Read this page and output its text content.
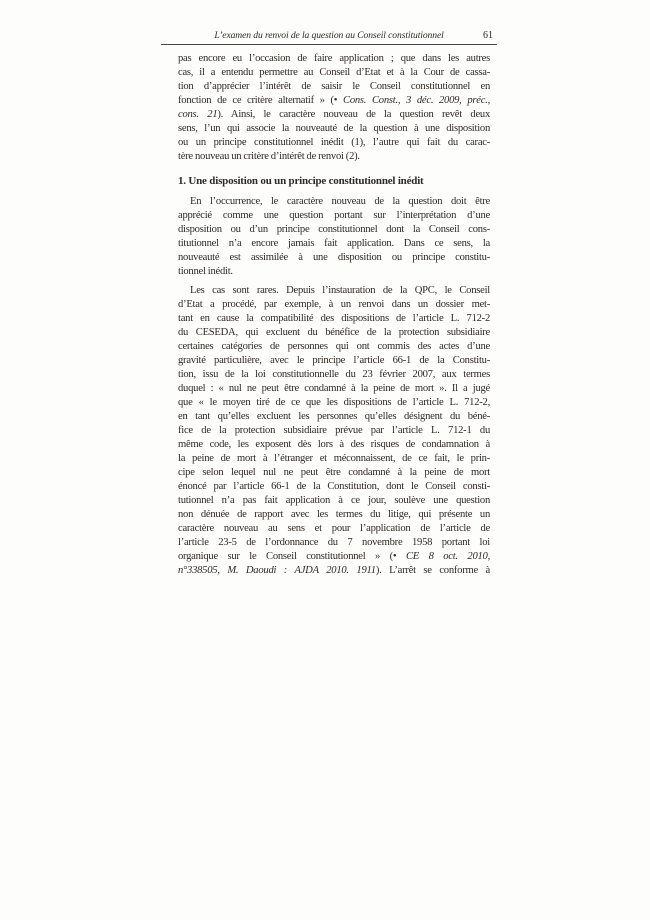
L’examen du renvoi de la question au Conseil constitutionnel	61
pas encore eu l’occasion de faire application ; que dans les autres
cas, il a entendu permettre au Conseil d’Etat et à la Cour de cassa-
tion d’apprécier l’intérêt de saisir le Conseil constitutionnel en
fonction de ce critère alternatif » (• Cons. Const., 3 déc. 2009, préc.,
cons. 21). Ainsi, le caractère nouveau de la question revêt deux
sens, l’un qui associe la nouveauté de la question à une disposition
ou un principe constitutionnel inédit (1), l’autre qui fait du carac-
tère nouveau un critère d’intérêt de renvoi (2).
1. Une disposition ou un principe constitutionnel inédit
En l’occurrence, le caractère nouveau de la question doit être
apprécié comme une question portant sur l’interprétation d’une
disposition ou d’un principe constitutionnel dont la Conseil cons-
titutionnel n’a encore jamais fait application. Dans ce sens, la
nouveauté est assimilée à une disposition ou principe constitu-
tionnel inédit.
Les cas sont rares. Depuis l’instauration de la QPC, le Conseil
d’Etat a procédé, par exemple, à un renvoi dans un dossier met-
tant en cause la compatibilité des dispositions de l’article L. 712-2
du CESEDA, qui excluent du bénéfice de la protection subsidiaire
certaines catégories de personnes qui ont commis des actes d’une
gravité particulière, avec le principe l’article 66-1 de la Constitu-
tion, issu de la loi constitutionnelle du 23 février 2007, aux termes
duquel : « nul ne peut être condamné à la peine de mort ». Il a jugé
que « le moyen tiré de ce que les dispositions de l’article L. 712-2,
en tant qu’elles excluent les personnes qu’elles désignent du béné-
fice de la protection subsidiaire prévue par l’article L. 712-1 du
même code, les exposent dès lors à des risques de condamnation à
la peine de mort à l’étranger et méconnaissent, de ce fait, le prin-
cipe selon lequel nul ne peut être condamné à la peine de mort
énoncé par l’article 66-1 de la Constitution, dont le Conseil consti-
tutionnel n’a pas fait application à ce jour, soulève une question
non dénuée de rapport avec les termes du litige, qui présente un
caractère nouveau au sens et pour l’application de l’article de
l’article 23-5 de l’ordonnance du 7 novembre 1958 portant loi
organique sur le Conseil constitutionnel » (• CE 8 oct. 2010,
n°338505, M. Daoudi : AJDA 2010. 1911). L’arrêt se conforme à
